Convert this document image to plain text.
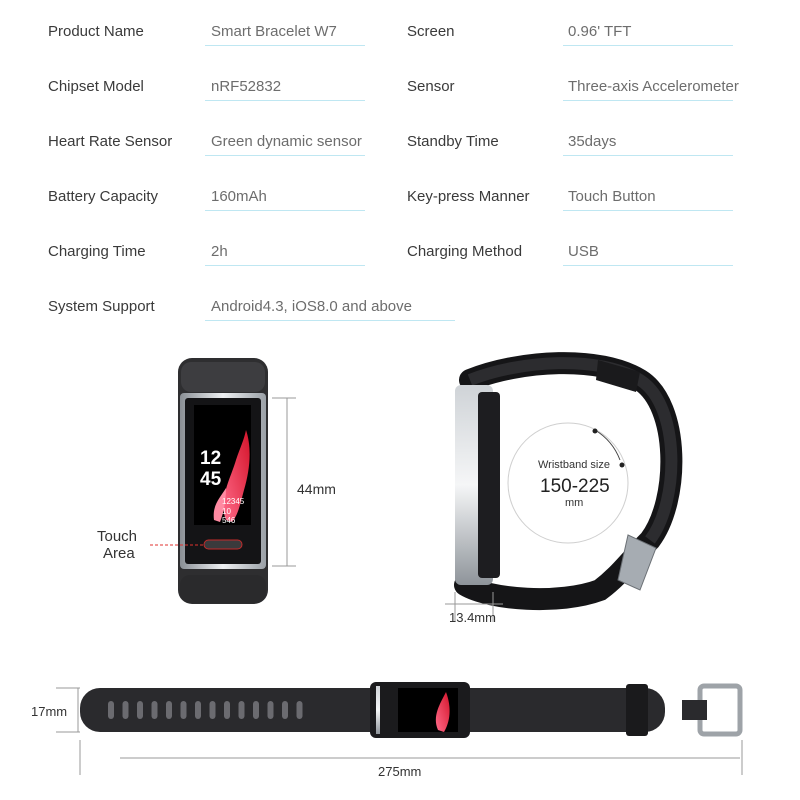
Product Name	Smart Bracelet W7	Screen	0.96' TFT
Chipset Model	nRF52832	Sensor	Three-axis Accelerometer
Heart Rate Sensor	Green dynamic sensor	Standby Time	35days
Battery Capacity	160mAh	Key-press Manner	Touch Button
Charging Time	2h	Charging Method	USB
System Support	Android4.3, iOS8.0 and above
12
45
12345
10
546
44mm
Touch
Area
Wristband size
150-225
mm
13.4mm
17mm
275mm
